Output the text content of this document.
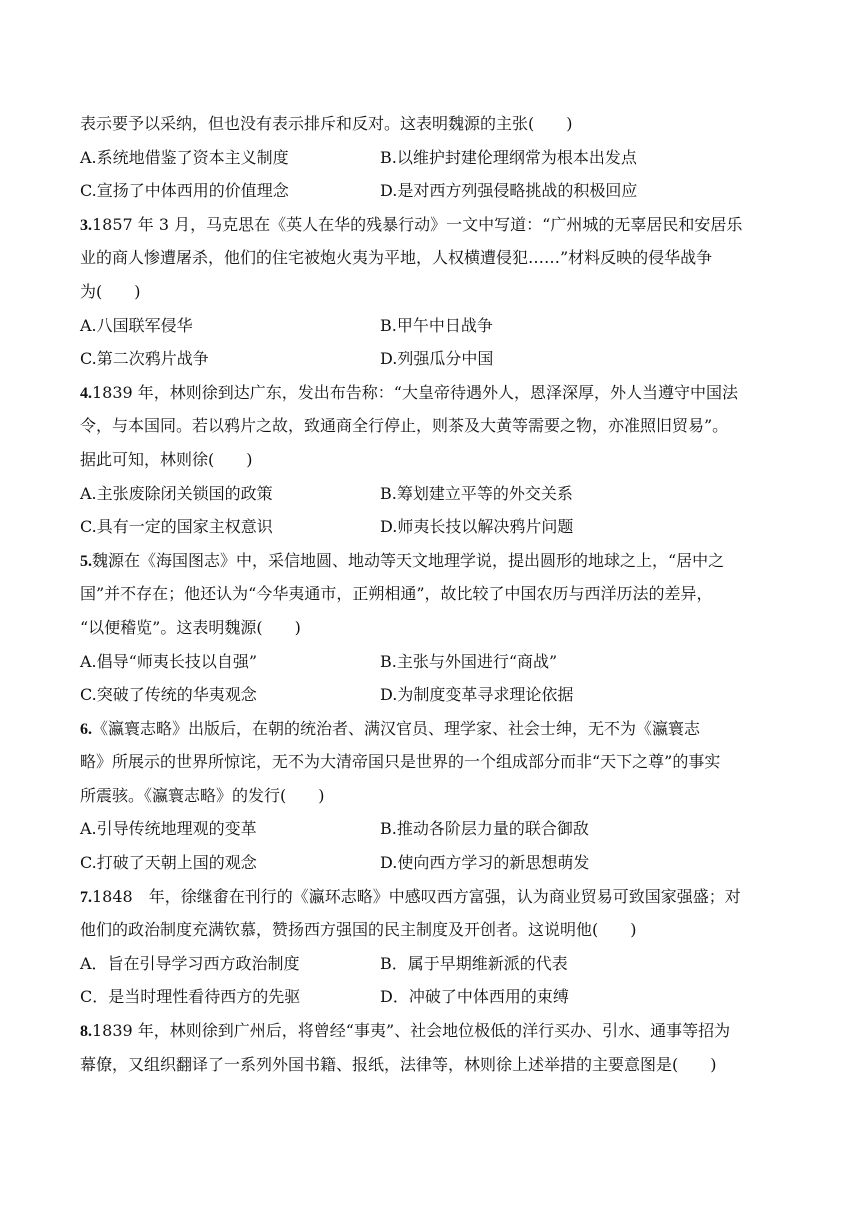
表示要予以采纳，但也没有表示排斥和反对。这表明魏源的主张(　　)
A.系统地借鉴了资本主义制度	B.以维护封建伦理纲常为根本出发点
C.宣扬了中体西用的价值理念	D.是对西方列强侵略挑战的积极回应
3.1857 年 3 月，马克思在《英人在华的残暴行动》一文中写道：“广州城的无辜居民和安居乐
业的商人惨遭屠杀，他们的住宅被炮火夷为平地，人权横遭侵犯……”材料反映的侵华战争
为(　　)
A.八国联军侵华	B.甲午中日战争
C.第二次鸦片战争	D.列强瓜分中国
4.1839 年，林则徐到达广东，发出布告称：“大皇帝待遇外人，恩泽深厚，外人当遵守中国法
令，与本国同。若以鸦片之故，致通商全行停止，则茶及大黄等需要之物，亦准照旧贸易”。
据此可知，林则徐(　　)
A.主张废除闭关锁国的政策	B.筹划建立平等的外交关系
C.具有一定的国家主权意识	D.师夷长技以解决鸦片问题
5.魏源在《海国图志》中，采信地圆、地动等天文地理学说，提出圆形的地球之上，“居中之
国”并不存在；他还认为“今华夷通市，正朔相通”，故比较了中国农历与西洋历法的差异，
“以便稽览”。这表明魏源(　　)
A.倡导“师夷长技以自强”	B.主张与外国进行“商战”
C.突破了传统的华夷观念	D.为制度变革寻求理论依据
6.《瀛寰志略》出版后，在朝的统治者、满汉官员、理学家、社会士绅，无不为《瀛寰志
略》所展示的世界所惊诧，无不为大清帝国只是世界的一个组成部分而非“天下之尊”的事实
所震骇。《瀛寰志略》的发行(　　)
A.引导传统地理观的变革	B.推动各阶层力量的联合御敌
C.打破了天朝上国的观念	D.使向西方学习的新思想萌发
7.1848　年，徐继畬在刊行的《瀛环志略》中感叹西方富强，认为商业贸易可致国家强盛；对
他们的政治制度充满钦慕，赞扬西方强国的民主制度及开创者。这说明他(　　)
A．旨在引导学习西方政治制度	B．属于早期维新派的代表
C．是当时理性看待西方的先驱	D．冲破了中体西用的束缚
8.1839 年，林则徐到广州后，将曾经“事夷”、社会地位极低的洋行买办、引水、通事等招为
幕僚，又组织翻译了一系列外国书籍、报纸，法律等，林则徐上述举措的主要意图是(　　)
